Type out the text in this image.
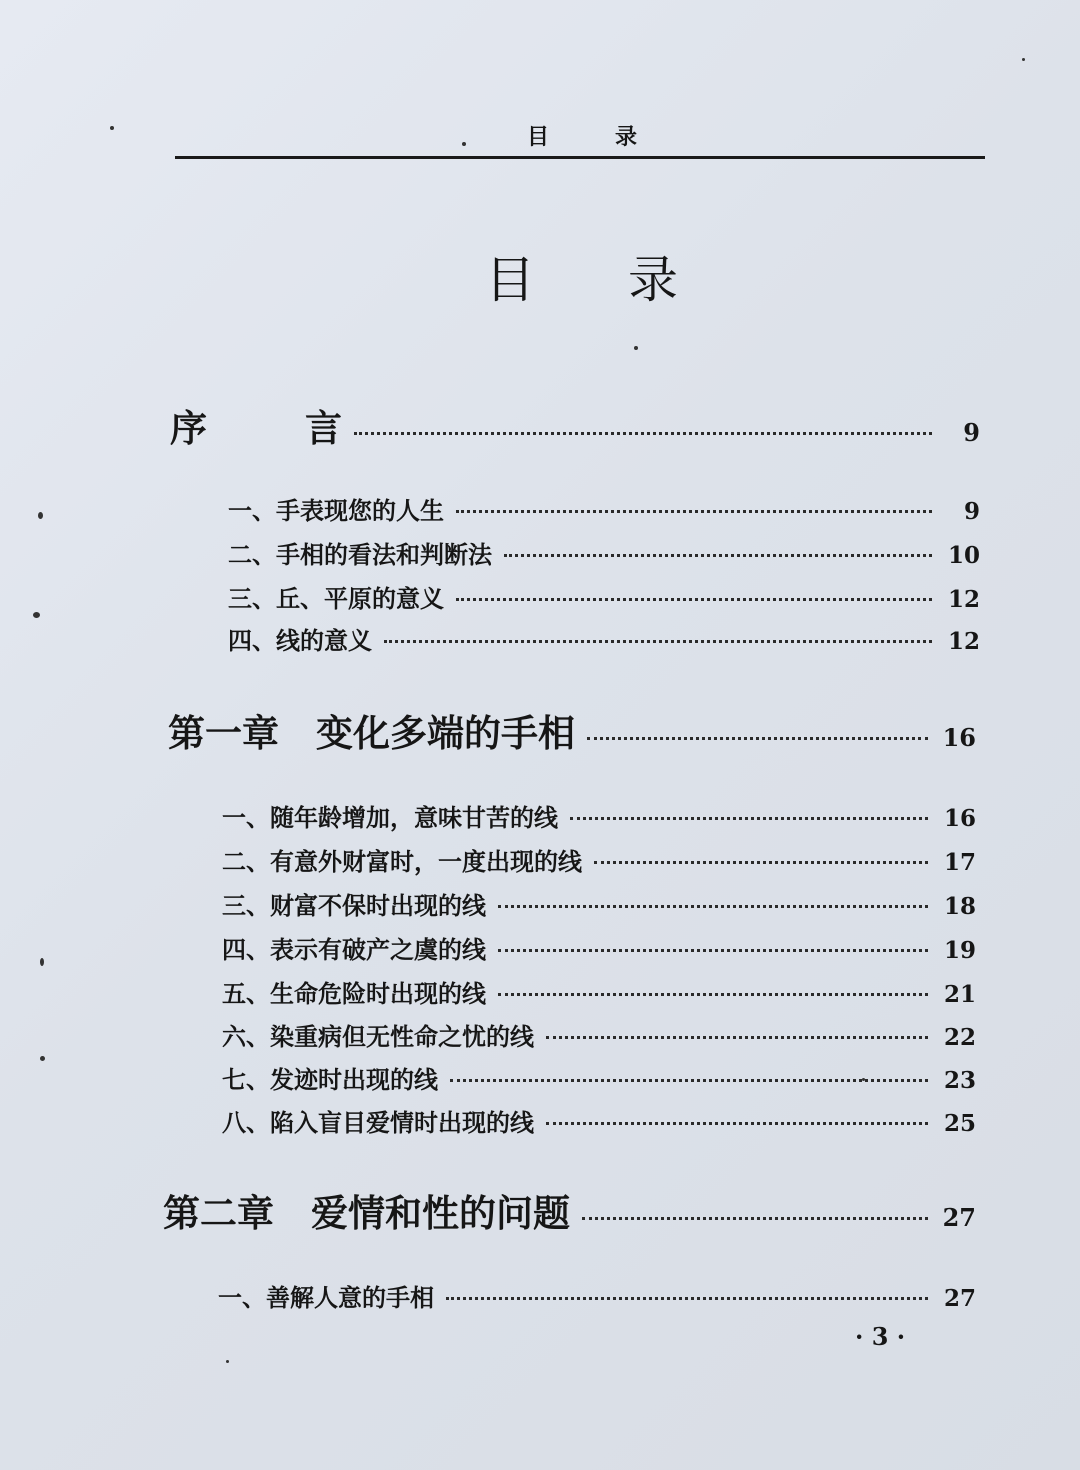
目	录
目 录
序	言	9
一、手表现您的人生	9
二、手相的看法和判断法	10
三、丘、平原的意义	12
四、线的意义	12
第一章　变化多端的手相	16
一、随年龄增加，意味甘苦的线	16
二、有意外财富时，一度出现的线	17
三、财富不保时出现的线	18
四、表示有破产之虞的线	19
五、生命危险时出现的线	21
六、染重病但无性命之忧的线	22
七、发迹时出现的线	23
八、陷入盲目爱情时出现的线	25
第二章　爱情和性的问题	27
一、善解人意的手相	27
· 3 ·
